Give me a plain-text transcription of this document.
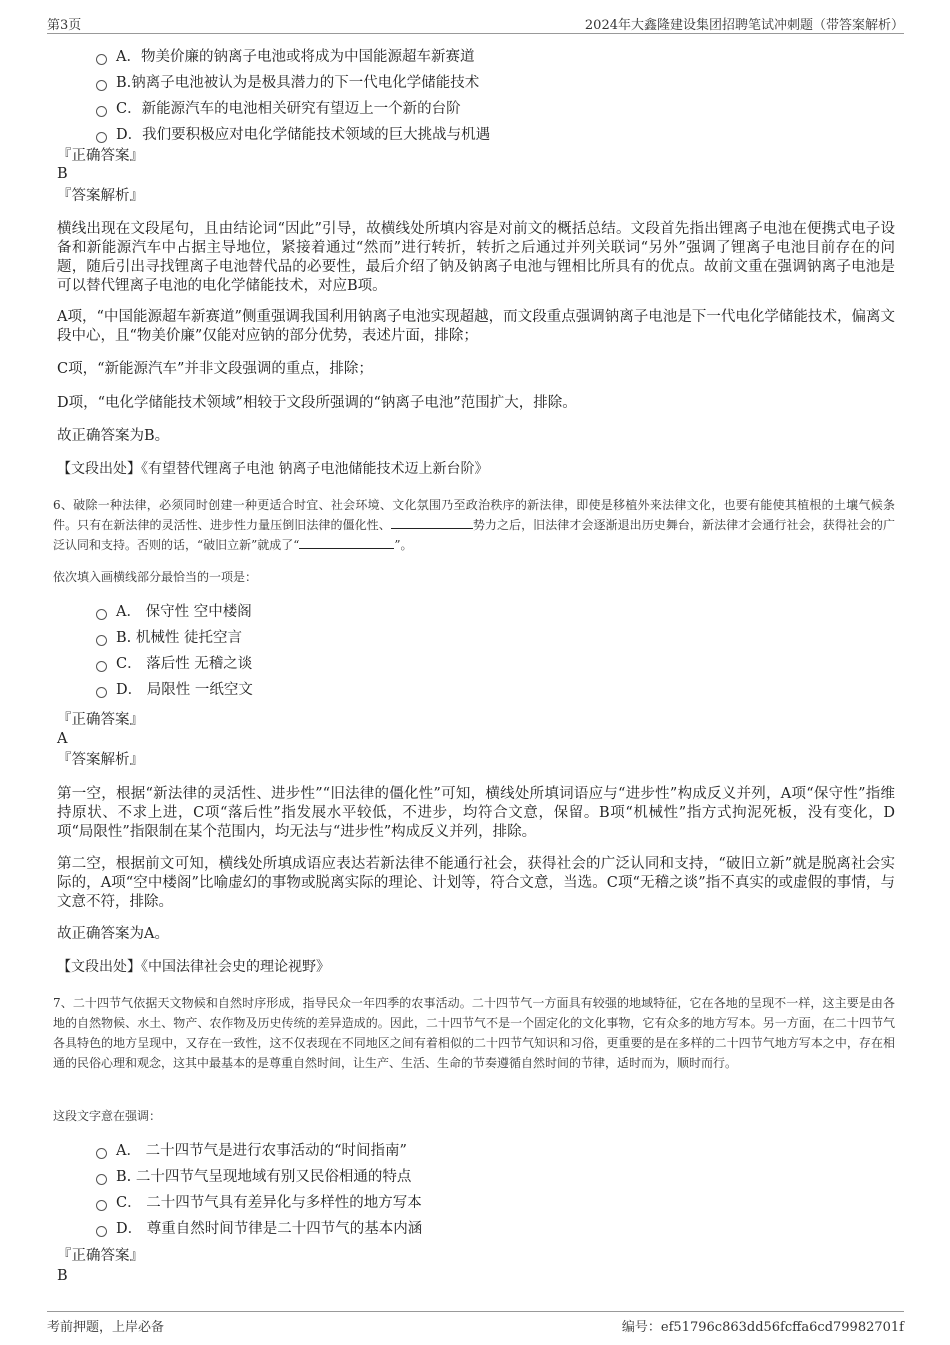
第3页	2024年大鑫隆建设集团招聘笔试冲刺题（带答案解析）
A．物美价廉的钠离子电池或将成为中国能源超车新赛道
B.钠离子电池被认为是极具潜力的下一代电化学储能技术
C．新能源汽车的电池相关研究有望迈上一个新的台阶
D．我们要积极应对电化学储能技术领域的巨大挑战与机遇
『正确答案』
B
『答案解析』
横线出现在文段尾句，且由结论词“因此”引导，故横线处所填内容是对前文的概括总结。文段首先指出锂离子电池在便携式电子设备和新能源汽车中占据主导地位，紧接着通过“然而”进行转折，转折之后通过并列关联词“另外”强调了锂离子电池目前存在的问题，随后引出寻找锂离子电池替代品的必要性，最后介绍了钠及钠离子电池与锂相比所具有的优点。故前文重在强调钠离子电池是可以替代锂离子电池的电化学储能技术，对应B项。
A项，“中国能源超车新赛道”侧重强调我国利用钠离子电池实现超越，而文段重点强调钠离子电池是下一代电化学储能技术，偏离文段中心，且“物美价廉”仅能对应钠的部分优势，表述片面，排除；
C项，“新能源汽车”并非文段强调的重点，排除；
D项，“电化学储能技术领域”相较于文段所强调的“钠离子电池”范围扩大，排除。
故正确答案为B。
【文段出处】《有望替代锂离子电池 钠离子电池储能技术迈上新台阶》
6、破除一种法律，必须同时创建一种更适合时宜、社会环境、文化氛围乃至政治秩序的新法律，即使是移植外来法律文化，也要有能使其植根的土壤气候条件。只有在新法律的灵活性、进步性力量压倒旧法律的僵化性、	势力之后，旧法律才会逐渐退出历史舞台，新法律才会通行社会，获得社会的广泛认同和支持。否则的话，“破旧立新”就成了“	”。
依次填入画横线部分最恰当的一项是：
A． 保守性 空中楼阁
B. 机械性 徒托空言
C． 落后性 无稽之谈
D． 局限性 一纸空文
『正确答案』
A
『答案解析』
第一空，根据“新法律的灵活性、进步性”“旧法律的僵化性”可知，横线处所填词语应与“进步性”构成反义并列，A项“保守性”指维持原状、不求上进，C项“落后性”指发展水平较低，不进步，均符合文意，保留。B项“机械性”指方式拘泥死板，没有变化，D项“局限性”指限制在某个范围内，均无法与“进步性”构成反义并列，排除。
第二空，根据前文可知，横线处所填成语应表达若新法律不能通行社会，获得社会的广泛认同和支持，“破旧立新”就是脱离社会实际的，A项“空中楼阁”比喻虚幻的事物或脱离实际的理论、计划等，符合文意，当选。C项“无稽之谈”指不真实的或虚假的事情，与文意不符，排除。
故正确答案为A。
【文段出处】《中国法律社会史的理论视野》
7、二十四节气依据天文物候和自然时序形成，指导民众一年四季的农事活动。二十四节气一方面具有较强的地域特征，它在各地的呈现不一样，这主要是由各地的自然物候、水土、物产、农作物及历史传统的差异造成的。因此，二十四节气不是一个固定化的文化事物，它有众多的地方写本。另一方面，在二十四节气各具特色的地方呈现中，又存在一致性，这不仅表现在不同地区之间有着相似的二十四节气知识和习俗，更重要的是在多样的二十四节气地方写本之中，存在相通的民俗心理和观念，这其中最基本的是尊重自然时间，让生产、生活、生命的节奏遵循自然时间的节律，适时而为，顺时而行。
这段文字意在强调：
A． 二十四节气是进行农事活动的“时间指南”
B. 二十四节气呈现地域有别又民俗相通的特点
C． 二十四节气具有差异化与多样性的地方写本
D． 尊重自然时间节律是二十四节气的基本内涵
『正确答案』
B
考前押题，上岸必备	编号：ef51796c863dd56fcffa6cd79982701f
